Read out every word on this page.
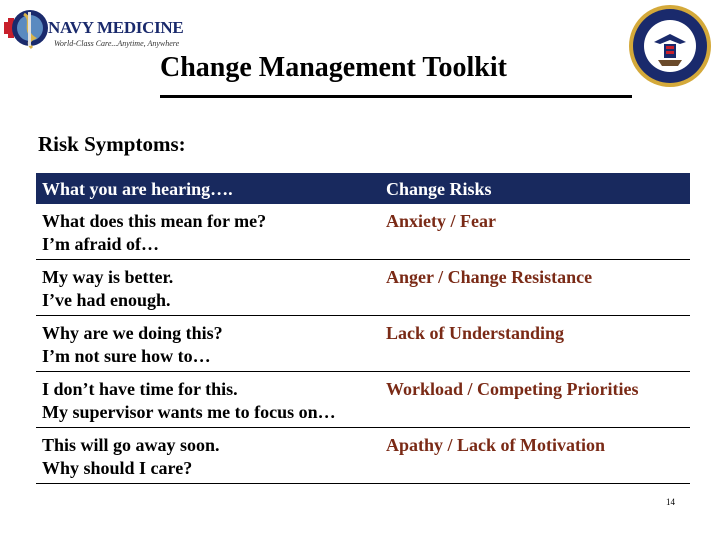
NAVY MEDICINE
World-Class Care...Anytime, Anywhere
Change Management Toolkit
Risk Symptoms:
What you are hearing….	Change Risks
What does this mean for me?
I’m afraid of…
Anxiety / Fear
My way is better.
I’ve had enough.
Anger / Change Resistance
Why are we doing this?
I’m not sure how to…
Lack of Understanding
I don’t have time for this.
My supervisor wants me to focus on…
Workload / Competing Priorities
This will go away soon.
Why should I care?
Apathy / Lack of Motivation
14
